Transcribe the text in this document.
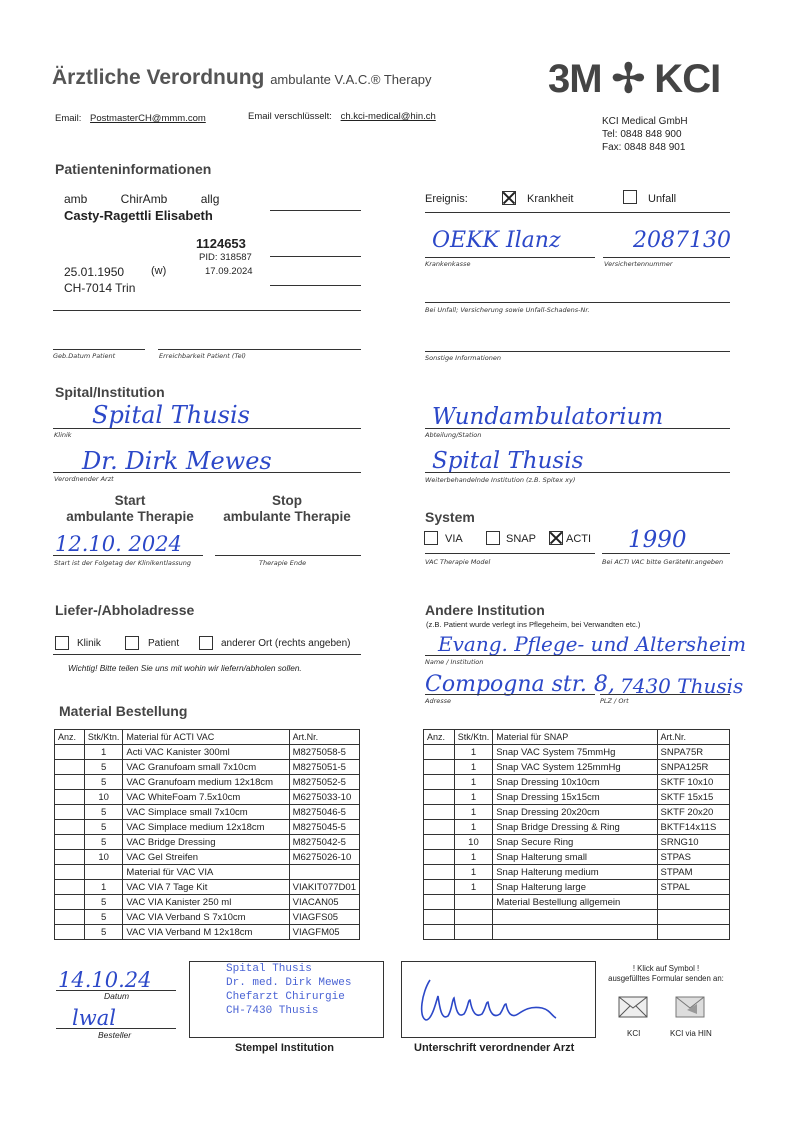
Ärztliche Verordnung ambulante V.A.C.® Therapy	3M ✢ KCI
Email: PostmasterCH@mmm.com	Email verschlüsselt: ch.kci-medical@hin.ch	KCI Medical GmbH
Tel: 0848 848 900
Fax: 0848 848 901
Patienteninformationen
amb          ChirAmb          allg
Casty-Ragettli Elisabeth
1124653
PID: 318587
25.01.1950 (w)	17.09.2024
CH-7014 Trin
Geb.Datum Patient	Erreichbarkeit Patient (Tel)
Ereignis:	Krankheit	Unfall
OEKK Ilanz	2087130
Krankenkasse	Versichertennummer
Bei Unfall; Versicherung sowie Unfall-Schadens-Nr.
Sonstige Informationen
Spital/Institution
Spital Thusis
Klinik
Dr. Dirk Mewes
Verordnender Arzt
Wundambulatorium
Abteilung/Station
Spital Thusis
Weiterbehandelnde Institution (z.B. Spitex xy)
Start
ambulante Therapie
Stop
ambulante Therapie
12.10. 2024
Start ist der Folgetag der Klinikentlassung	Therapie Ende
System
VIA	SNAP	ACTI 1990
VAC Therapie Model	Bei ACTI VAC bitte GeräteNr.angeben
Liefer-/Abholadresse
Klinik	Patient	anderer Ort (rechts angeben)
Wichtig! Bitte teilen Sie uns mit wohin wir liefern/abholen sollen.
Andere Institution
(z.B. Patient wurde verlegt ins Pflegeheim, bei Verwandten etc.)
Evang. Pflege- und Altersheim
Name / Institution
Compogna str. 8, 7430 Thusis
Adresse	PLZ / Ort
Material Bestellung
Anz.	Stk/Ktn.	Material für ACTI VAC	Art.Nr.
	1	Acti VAC Kanister 300ml	M8275058-5
	5	VAC Granufoam small 7x10cm	M8275051-5
	5	VAC Granufoam medium 12x18cm	M8275052-5
	10	VAC WhiteFoam 7.5x10cm	M6275033-10
	5	VAC Simplace small 7x10cm	M8275046-5
	5	VAC Simplace medium 12x18cm	M8275045-5
	5	VAC Bridge Dressing	M8275042-5
	10	VAC Gel Streifen	M6275026-10
		Material für VAC VIA	
	1	VAC VIA 7 Tage Kit	VIAKIT077D01
	5	VAC VIA Kanister 250 ml	VIACAN05
	5	VAC VIA Verband S 7x10cm	VIAGFS05
	5	VAC VIA Verband M 12x18cm	VIAGFM05
Anz.	Stk/Ktn.	Material für SNAP	Art.Nr.
	1	Snap VAC System 75mmHg	SNPA75R
	1	Snap VAC System 125mmHg	SNPA125R
	1	Snap Dressing 10x10cm	SKTF 10x10
	1	Snap Dressing 15x15cm	SKTF 15x15
	1	Snap Dressing 20x20cm	SKTF 20x20
	1	Snap Bridge Dressing & Ring	BKTF14x11S
	10	Snap Secure Ring	SRNG10
	1	Snap Halterung small	STPAS
	1	Snap Halterung medium	STPAM
	1	Snap Halterung large	STPAL
		Material Bestellung allgemein	

14.10.24
Datum
lwal
Besteller
Spital Thusis
Dr. med. Dirk Mewes
Chefarzt Chirurgie
CH-7430 Thusis
Stempel Institution	Unterschrift verordnender Arzt
! Klick auf Symbol !
ausgefülltes Formular senden an:
KCI	KCI via HIN
